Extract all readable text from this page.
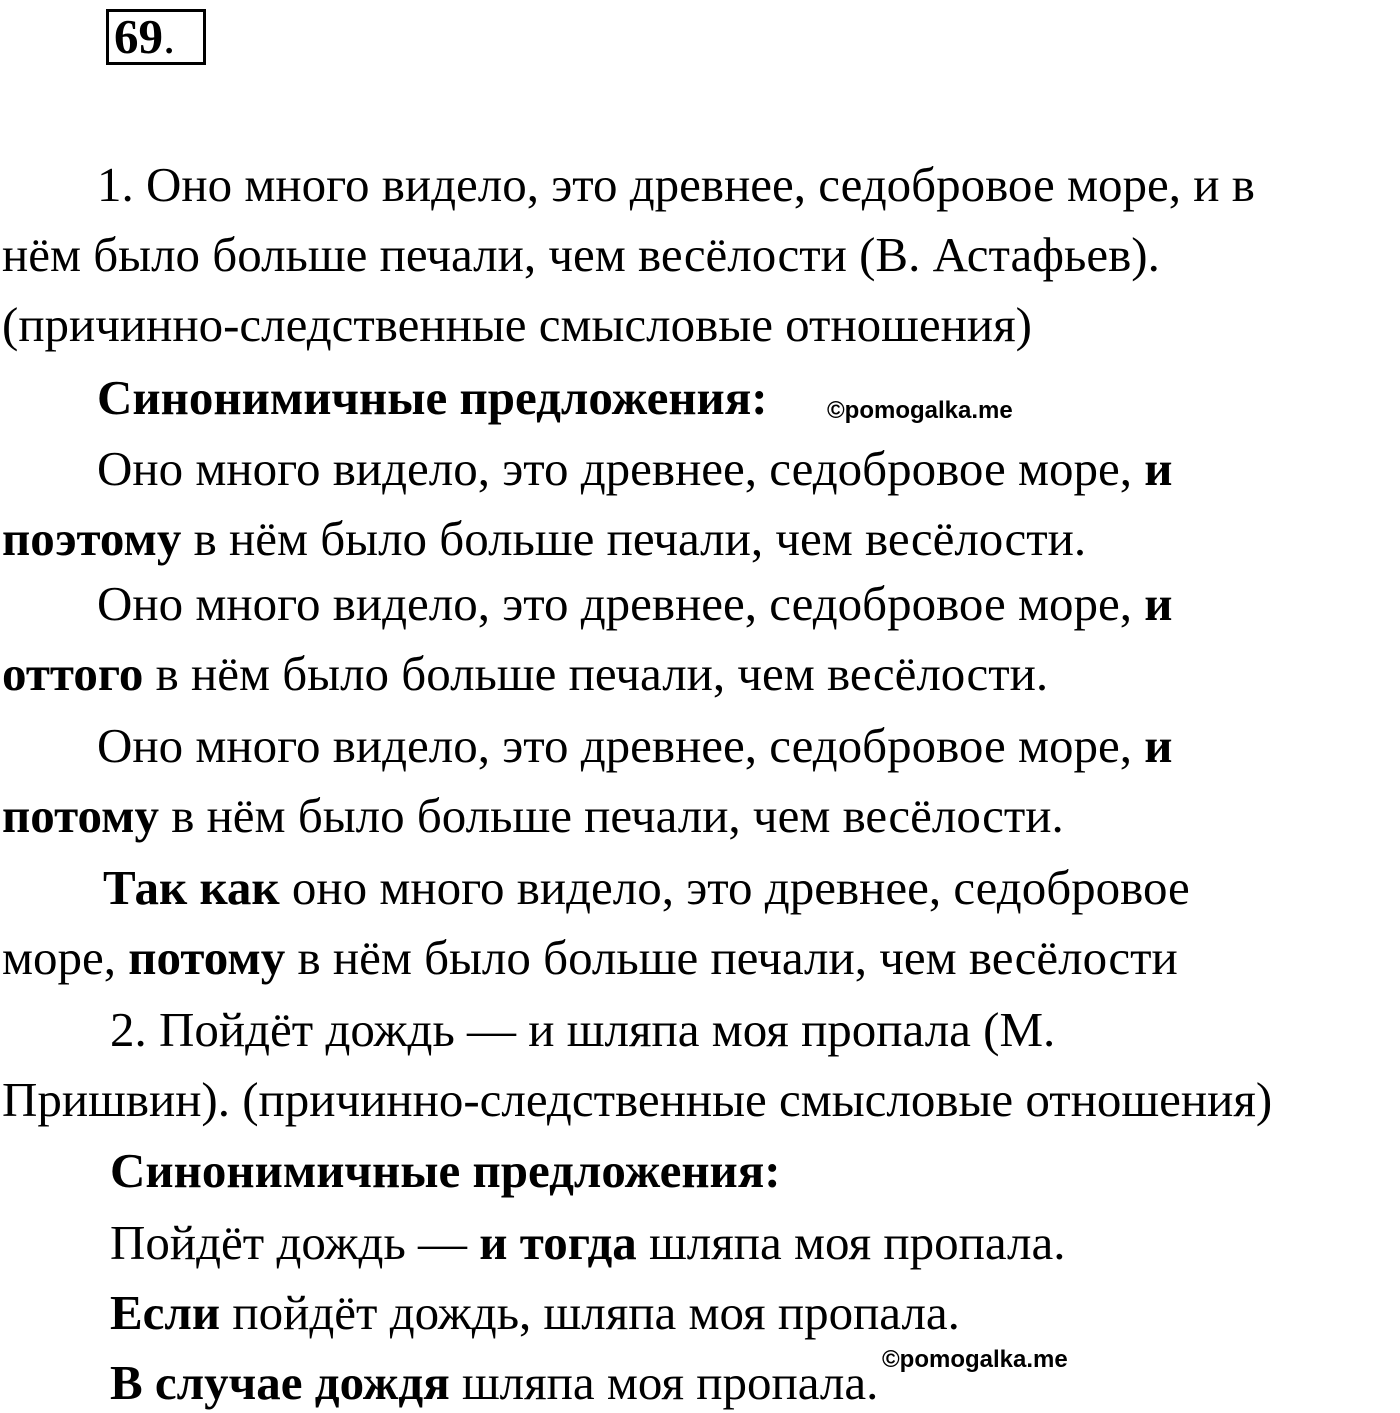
69.
1. Оно много видело, это древнее, седобровое море, и в
нём было больше печали, чем весёлости (В. Астафьев).
(причинно-следственные смысловые отношения)
Синонимичные предложения: ©pomogalka.me
Оно много видело, это древнее, седобровое море, и
поэтому в нём было больше печали, чем весёлости.
Оно много видело, это древнее, седобровое море, и
оттого в нём было больше печали, чем весёлости.
Оно много видело, это древнее, седобровое море, и
потому в нём было больше печали, чем весёлости.
Так как оно много видело, это древнее, седобровое
море, потому в нём было больше печали, чем весёлости
2. Пойдёт дождь — и шляпа моя пропала (М.
Пришвин). (причинно-следственные смысловые отношения)
Синонимичные предложения:
Пойдёт дождь — и тогда шляпа моя пропала.
Если пойдёт дождь, шляпа моя пропала.
В случае дождя шляпа моя пропала. ©pomogalka.me
